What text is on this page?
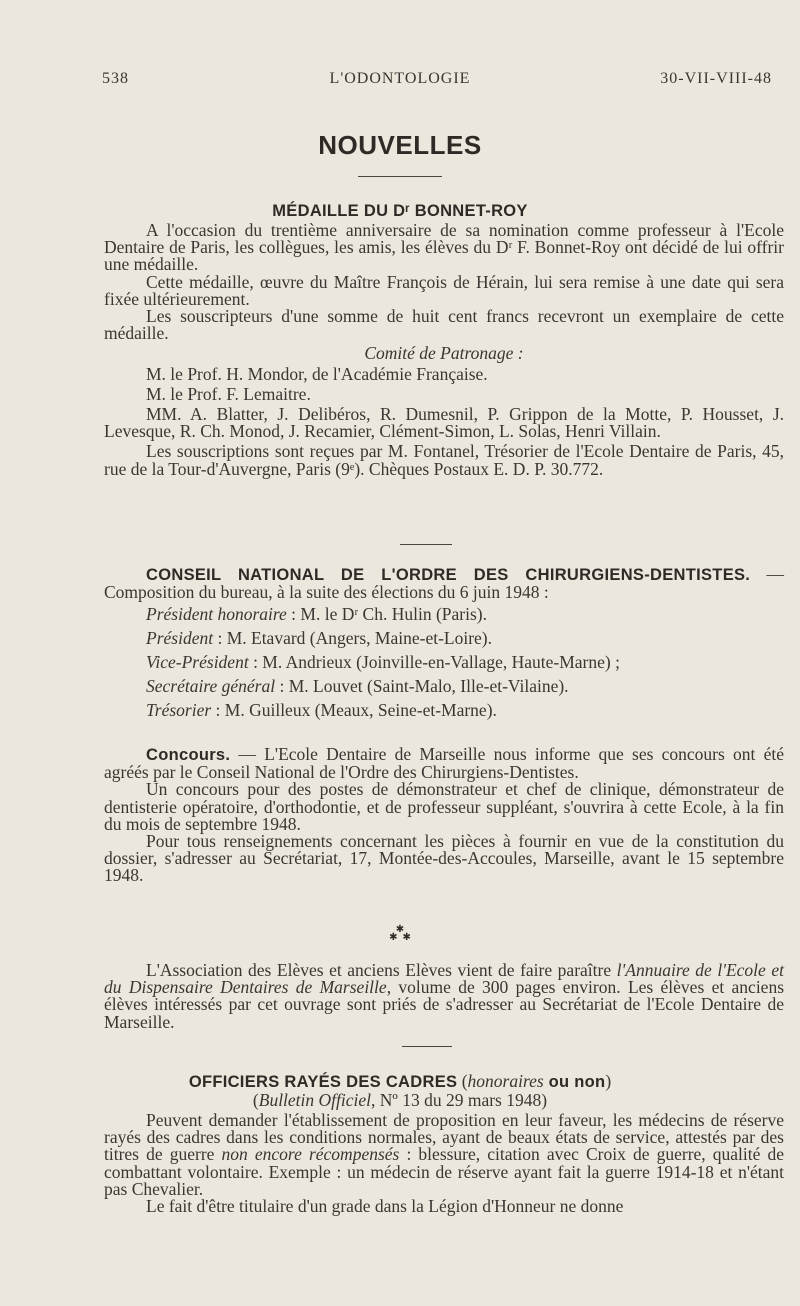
538	L'ODONTOLOGIE	30-VII-VIII-48
NOUVELLES
MÉDAILLE DU Dʳ BONNET-ROY

A l'occasion du trentième anniversaire de sa nomination comme professeur à l'Ecole Dentaire de Paris, les collègues, les amis, les élèves du Dʳ F. Bonnet-Roy ont décidé de lui offrir une médaille.

Cette médaille, œuvre du Maître François de Hérain, lui sera remise à une date qui sera fixée ultérieurement.

Les souscripteurs d'une somme de huit cent francs recevront un exemplaire de cette médaille.

Comité de Patronage :

M. le Prof. H. Mondor, de l'Académie Française.

M. le Prof. F. Lemaitre.

MM. A. Blatter, J. Delibéros, R. Dumesnil, P. Grippon de la Motte, P. Housset, J. Levesque, R. Ch. Monod, J. Recamier, Clément-Simon, L. Solas, Henri Villain.

Les souscriptions sont reçues par M. Fontanel, Trésorier de l'Ecole Dentaire de Paris, 45, rue de la Tour-d'Auvergne, Paris (9ᵉ). Chèques Postaux E. D. P. 30.772.

CONSEIL NATIONAL DE L'ORDRE DES CHIRURGIENS-DENTISTES. — Composition du bureau, à la suite des élections du 6 juin 1948 :

Président honoraire : M. le Dʳ Ch. Hulin (Paris).

Président : M. Etavard (Angers, Maine-et-Loire).

Vice-Président : M. Andrieux (Joinville-en-Vallage, Haute-Marne) ;

Secrétaire général : M. Louvet (Saint-Malo, Ille-et-Vilaine).

Trésorier : M. Guilleux (Meaux, Seine-et-Marne).

Concours. — L'Ecole Dentaire de Marseille nous informe que ses concours ont été agréés par le Conseil National de l'Ordre des Chirurgiens-Dentistes.

Un concours pour des postes de démonstrateur et chef de clinique, démonstrateur de dentisterie opératoire, d'orthodontie, et de professeur suppléant, s'ouvrira à cette Ecole, à la fin du mois de septembre 1948.

Pour tous renseignements concernant les pièces à fournir en vue de la constitution du dossier, s'adresser au Secrétariat, 17, Montée-des-Accoules, Marseille, avant le 15 septembre 1948.

✱
✱  ✱

L'Association des Elèves et anciens Elèves vient de faire paraître l'Annuaire de l'Ecole et du Dispensaire Dentaires de Marseille, volume de 300 pages environ. Les élèves et anciens élèves intéressés par cet ouvrage sont priés de s'adresser au Secrétariat de l'Ecole Dentaire de Marseille.

OFFICIERS RAYÉS DES CADRES (honoraires ou non)
(Bulletin Officiel, Nº 13 du 29 mars 1948)

Peuvent demander l'établissement de proposition en leur faveur, les médecins de réserve rayés des cadres dans les conditions normales, ayant de beaux états de service, attestés par des titres de guerre non encore récompensés : blessure, citation avec Croix de guerre, qualité de combattant volontaire. Exemple : un médecin de réserve ayant fait la guerre 1914-18 et n'étant pas Chevalier.

Le fait d'être titulaire d'un grade dans la Légion d'Honneur ne donne
